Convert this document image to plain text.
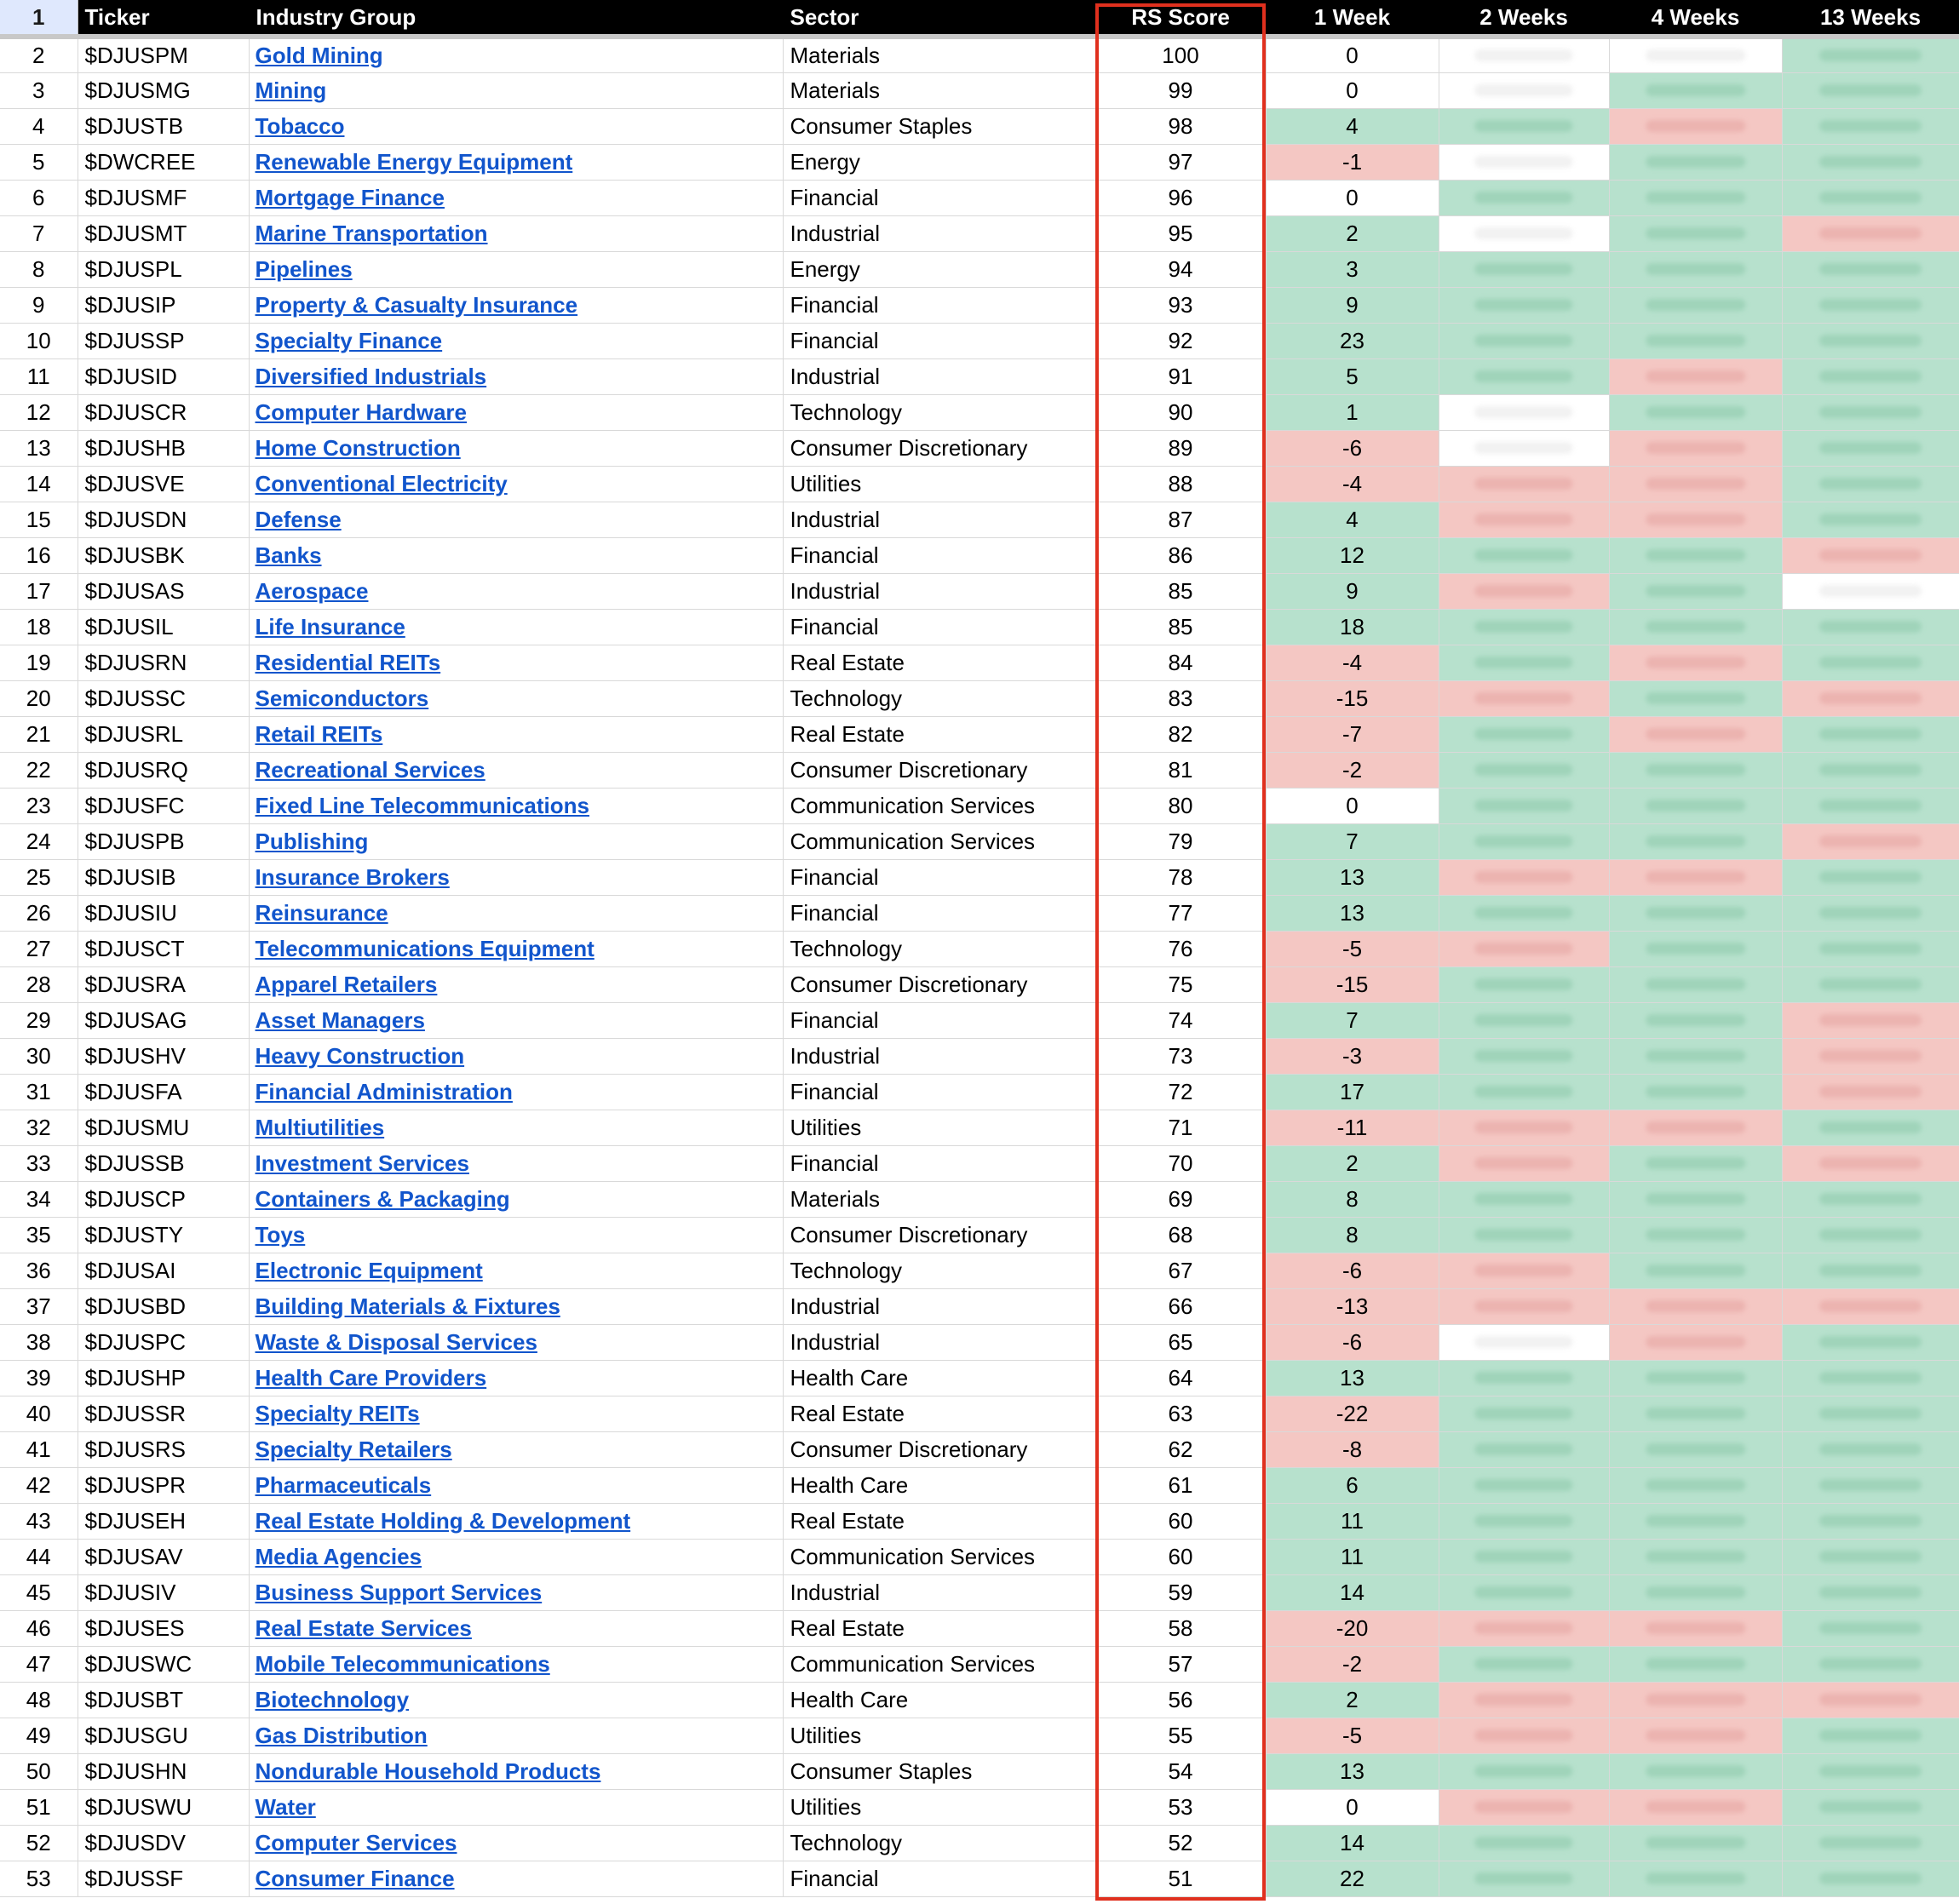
1	Ticker	Industry Group	Sector	RS Score	1 Week	2 Weeks	4 Weeks	13 Weeks
2	$DJUSPM	Gold Mining	Materials	100	0	

3	$DJUSMG	Mining	Materials	99	0	

4	$DJUSTB	Tobacco	Consumer Staples	98	4	

5	$DWCREE	Renewable Energy Equipment	Energy	97	-1	

6	$DJUSMF	Mortgage Finance	Financial	96	0	

7	$DJUSMT	Marine Transportation	Industrial	95	2	

8	$DJUSPL	Pipelines	Energy	94	3	

9	$DJUSIP	Property & Casualty Insurance	Financial	93	9	

10	$DJUSSP	Specialty Finance	Financial	92	23	

11	$DJUSID	Diversified Industrials	Industrial	91	5	

12	$DJUSCR	Computer Hardware	Technology	90	1	

13	$DJUSHB	Home Construction	Consumer Discretionary	89	-6	

14	$DJUSVE	Conventional Electricity	Utilities	88	-4	

15	$DJUSDN	Defense	Industrial	87	4	

16	$DJUSBK	Banks	Financial	86	12	

17	$DJUSAS	Aerospace	Industrial	85	9	

18	$DJUSIL	Life Insurance	Financial	85	18	

19	$DJUSRN	Residential REITs	Real Estate	84	-4	

20	$DJUSSC	Semiconductors	Technology	83	-15	

21	$DJUSRL	Retail REITs	Real Estate	82	-7	

22	$DJUSRQ	Recreational Services	Consumer Discretionary	81	-2	

23	$DJUSFC	Fixed Line Telecommunications	Communication Services	80	0	

24	$DJUSPB	Publishing	Communication Services	79	7	

25	$DJUSIB	Insurance Brokers	Financial	78	13	

26	$DJUSIU	Reinsurance	Financial	77	13	

27	$DJUSCT	Telecommunications Equipment	Technology	76	-5	

28	$DJUSRA	Apparel Retailers	Consumer Discretionary	75	-15	

29	$DJUSAG	Asset Managers	Financial	74	7	

30	$DJUSHV	Heavy Construction	Industrial	73	-3	

31	$DJUSFA	Financial Administration	Financial	72	17	

32	$DJUSMU	Multiutilities	Utilities	71	-11	

33	$DJUSSB	Investment Services	Financial	70	2	

34	$DJUSCP	Containers & Packaging	Materials	69	8	

35	$DJUSTY	Toys	Consumer Discretionary	68	8	

36	$DJUSAI	Electronic Equipment	Technology	67	-6	

37	$DJUSBD	Building Materials & Fixtures	Industrial	66	-13	

38	$DJUSPC	Waste & Disposal Services	Industrial	65	-6	

39	$DJUSHP	Health Care Providers	Health Care	64	13	

40	$DJUSSR	Specialty REITs	Real Estate	63	-22	

41	$DJUSRS	Specialty Retailers	Consumer Discretionary	62	-8	

42	$DJUSPR	Pharmaceuticals	Health Care	61	6	

43	$DJUSEH	Real Estate Holding & Development	Real Estate	60	11	

44	$DJUSAV	Media Agencies	Communication Services	60	11	

45	$DJUSIV	Business Support Services	Industrial	59	14	

46	$DJUSES	Real Estate Services	Real Estate	58	-20	

47	$DJUSWC	Mobile Telecommunications	Communication Services	57	-2	

48	$DJUSBT	Biotechnology	Health Care	56	2	

49	$DJUSGU	Gas Distribution	Utilities	55	-5	

50	$DJUSHN	Nondurable Household Products	Consumer Staples	54	13	

51	$DJUSWU	Water	Utilities	53	0	

52	$DJUSDV	Computer Services	Technology	52	14	

53	$DJUSSF	Consumer Finance	Financial	51	22	
